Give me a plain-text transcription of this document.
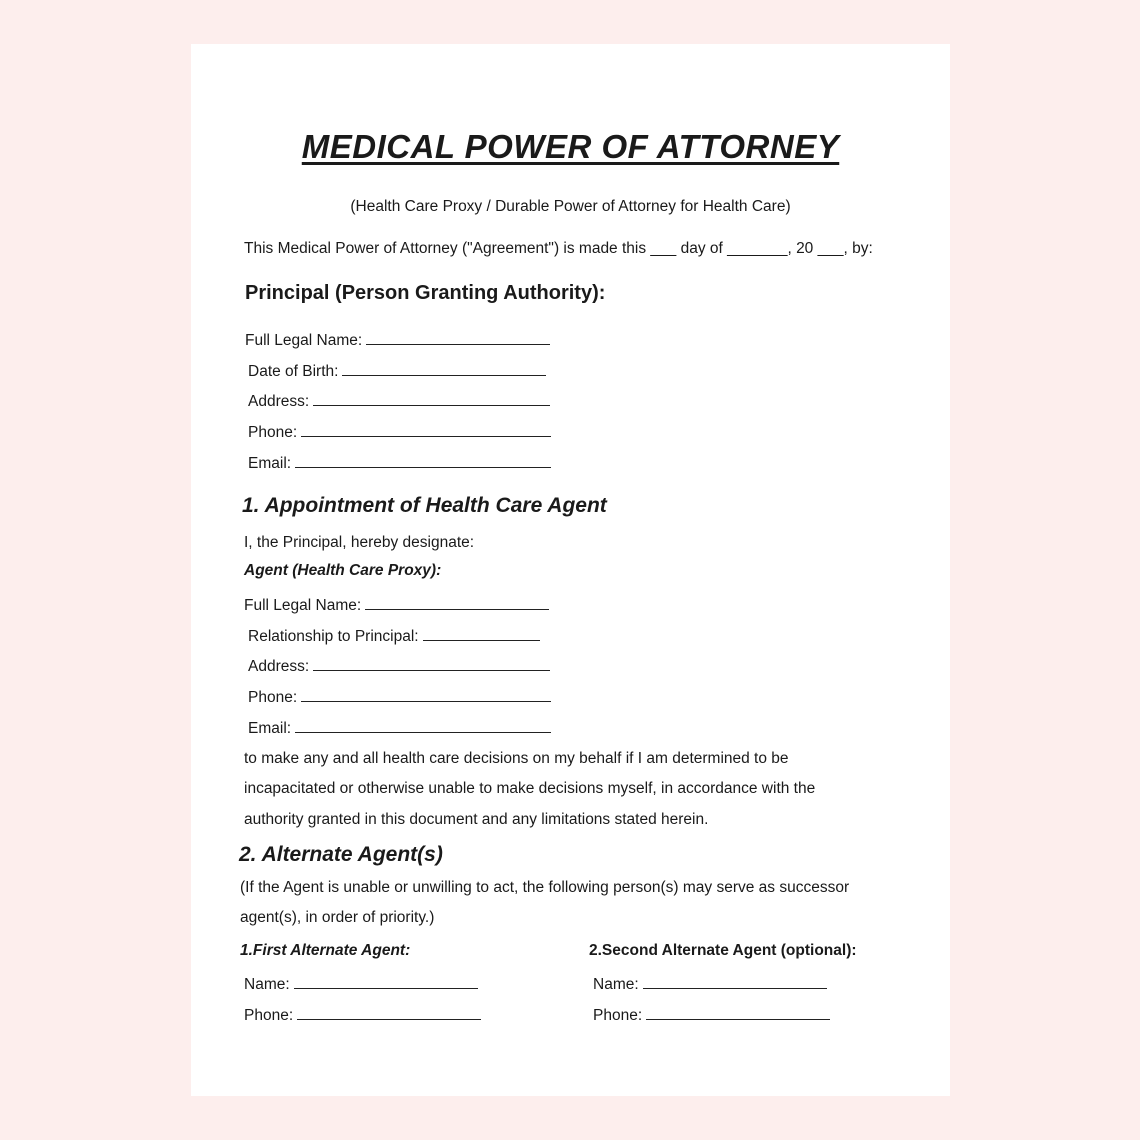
MEDICAL POWER OF ATTORNEY
(Health Care Proxy / Durable Power of Attorney for Health Care)
This Medical Power of Attorney ("Agreement") is made this ___ day of _______, 20 ___, by:
Principal (Person Granting Authority):
Full Legal Name:
Date of Birth:
Address:
Phone:
Email:
1. Appointment of Health Care Agent
I, the Principal, hereby designate:
Agent (Health Care Proxy):
Full Legal Name:
Relationship to Principal:
Address:
Phone:
Email:
to make any and all health care decisions on my behalf if I am determined to be
incapacitated or otherwise unable to make decisions myself, in accordance with the
authority granted in this document and any limitations stated herein.
2. Alternate Agent(s)
(If the Agent is unable or unwilling to act, the following person(s) may serve as successor
agent(s), in order of priority.)
1.First Alternate Agent:
Name:
Phone:
2.Second Alternate Agent (optional):
Name:
Phone:
